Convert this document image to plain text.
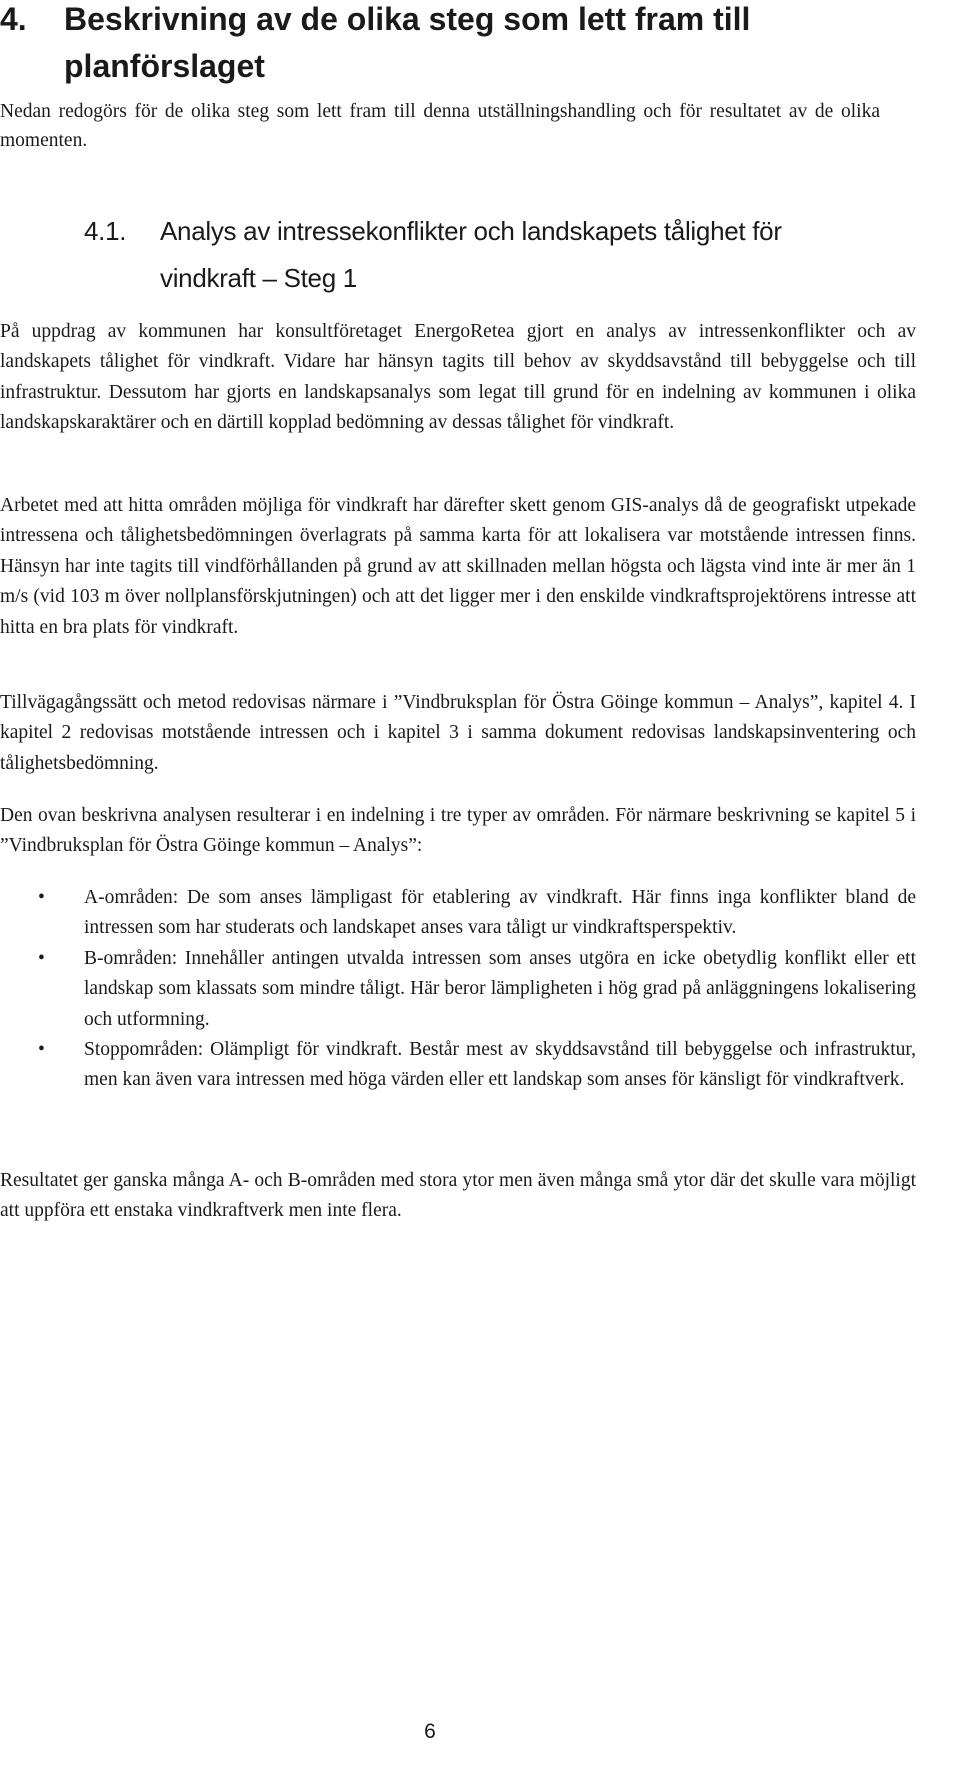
4. Beskrivning av de olika steg som lett fram till planförslaget
Nedan redogörs för de olika steg som lett fram till denna utställningshandling och för resultatet av de olika momenten.
4.1. Analys av intressekonflikter och landskapets tålighet för vindkraft – Steg 1

På uppdrag av kommunen har konsultföretaget EnergoRetea gjort en analys av intressenkonflikter och av landskapets tålighet för vindkraft. Vidare har hänsyn tagits till behov av skyddsavstånd till bebyggelse och till infrastruktur. Dessutom har gjorts en landskapsanalys som legat till grund för en indelning av kommunen i olika landskapskaraktärer och en därtill kopplad bedömning av dessas tålighet för vindkraft.

Arbetet med att hitta områden möjliga för vindkraft har därefter skett genom GIS-analys då de geografiskt utpekade intressena och tålighetsbedömningen överlagrats på samma karta för att lokalisera var motstående intressen finns. Hänsyn har inte tagits till vindförhållanden på grund av att skillnaden mellan högsta och lägsta vind inte är mer än 1 m/s (vid 103 m över nollplansförskjutningen) och att det ligger mer i den enskilde vindkraftsprojektörens intresse att hitta en bra plats för vindkraft.

Tillvägagångssätt och metod redovisas närmare i ”Vindbruksplan för Östra Göinge kommun – Analys”, kapitel 4. I kapitel 2 redovisas motstående intressen och i kapitel 3 i samma dokument redovisas landskapsinventering och tålighetsbedömning.

Den ovan beskrivna analysen resulterar i en indelning i tre typer av områden. För närmare beskrivning se kapitel 5 i ”Vindbruksplan för Östra Göinge kommun – Analys”:

• A-områden: De som anses lämpligast för etablering av vindkraft. Här finns inga konflikter bland de intressen som har studerats och landskapet anses vara tåligt ur vindkraftsperspektiv.
• B-områden: Innehåller antingen utvalda intressen som anses utgöra en icke obetydlig konflikt eller ett landskap som klassats som mindre tåligt. Här beror lämpligheten i hög grad på anläggningens lokalisering och utformning.
• Stoppområden: Olämpligt för vindkraft. Består mest av skyddsavstånd till bebyggelse och infrastruktur, men kan även vara intressen med höga värden eller ett landskap som anses för känsligt för vindkraftverk.

Resultatet ger ganska många A- och B-områden med stora ytor men även många små ytor där det skulle vara möjligt att uppföra ett enstaka vindkraftverk men inte flera.

6
